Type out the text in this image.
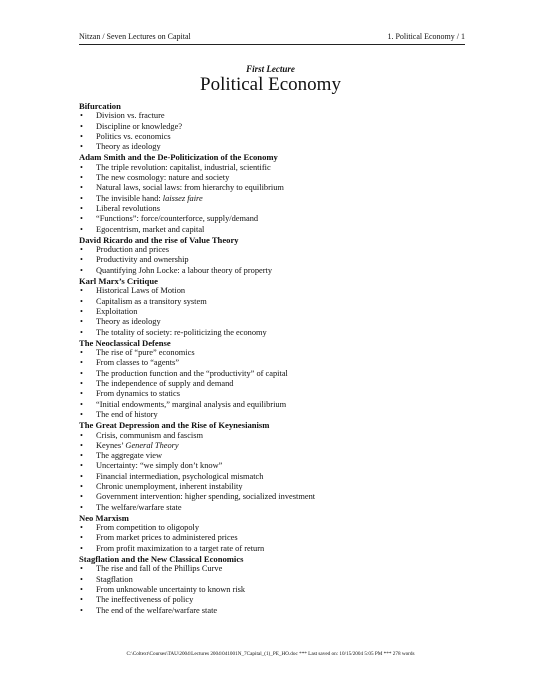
Nitzan / Seven Lectures on Capital	1. Political Economy / 1
First Lecture
Political Economy
Bifurcation
• Division vs. fracture
• Discipline or knowledge?
• Politics vs. economics
• Theory as ideology
Adam Smith and the De-Politicization of the Economy
• The triple revolution: capitalist, industrial, scientific
• The new cosmology: nature and society
• Natural laws, social laws: from hierarchy to equilibrium
• The invisible hand: laissez faire
• Liberal revolutions
• “Functions”: force/counterforce, supply/demand
• Egocentrism, market and capital
David Ricardo and the rise of Value Theory
• Production and prices
• Productivity and ownership
• Quantifying John Locke: a labour theory of property
Karl Marx’s Critique
• Historical Laws of Motion
• Capitalism as a transitory system
• Exploitation
• Theory as ideology
• The totality of society: re-politicizing the economy
The Neoclassical Defense
• The rise of “pure” economics
• From classes to “agents”
• The production function and the “productivity” of capital
• The independence of supply and demand
• From dynamics to statics
• “Initial endowments,” marginal analysis and equilibrium
• The end of history
The Great Depression and the Rise of Keynesianism
• Crisis, communism and fascism
• Keynes’ General Theory
• The aggregate view
• Uncertainty: “we simply don’t know”
• Financial intermediation, psychological mismatch
• Chronic unemployment, inherent instability
• Government intervention: higher spending, socialized investment
• The welfare/warfare state
Neo Marxism
• From competition to oligopoly
• From market prices to administered prices
• From profit maximization to a target rate of return
Stagflation and the New Classical Economics
• The rise and fall of the Phillips Curve
• Stagflation
• From unknowable uncertainty to known risk
• The ineffectiveness of policy
• The end of the welfare/warfare state
C:\Coltext\Courses\TAU\2004\Lectures 2004\041001N_7Capital_(1)_PE_HO.doc *** Last saved on: 10/15/2004 5:05 PM *** 278 words
